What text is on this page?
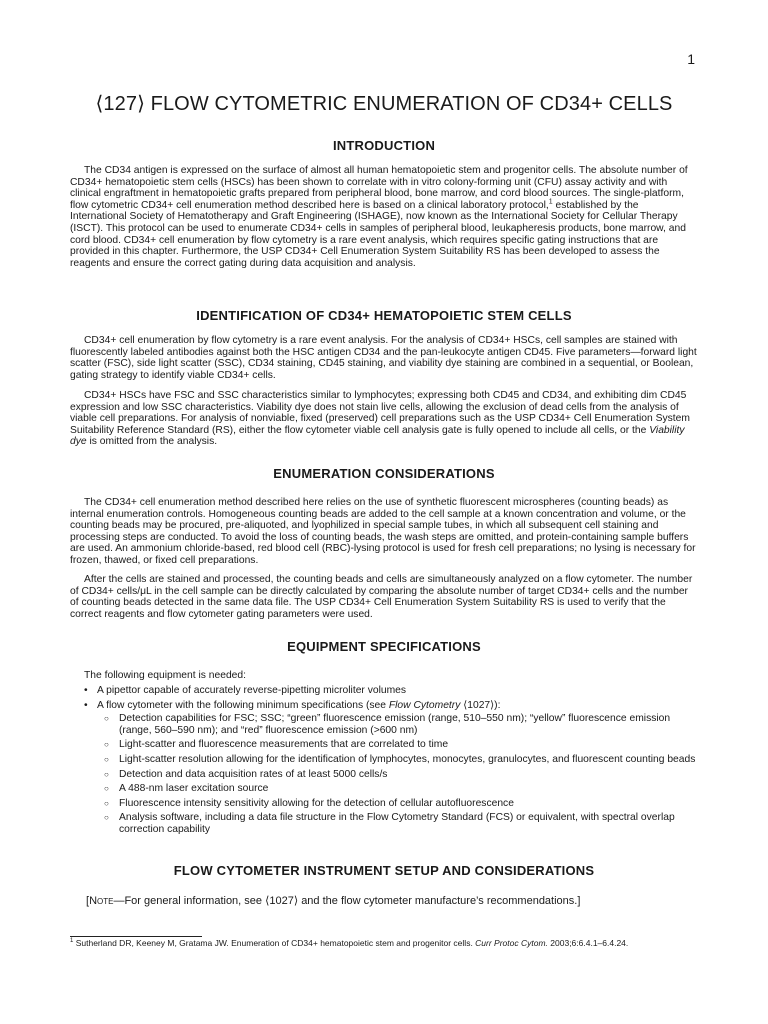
1
⟨127⟩ FLOW CYTOMETRIC ENUMERATION OF CD34+ CELLS
INTRODUCTION

The CD34 antigen is expressed on the surface of almost all human hematopoietic stem and progenitor cells. The absolute number of CD34+ hematopoietic stem cells (HSCs) has been shown to correlate with in vitro colony-forming unit (CFU) assay activity and with clinical engraftment in hematopoietic grafts prepared from peripheral blood, bone marrow, and cord blood sources. The single-platform, flow cytometric CD34+ cell enumeration method described here is based on a clinical laboratory protocol,$^1$ established by the International Society of Hematotherapy and Graft Engineering (ISHAGE), now known as the International Society for Cellular Therapy (ISCT). This protocol can be used to enumerate CD34+ cells in samples of peripheral blood, leukapheresis products, bone marrow, and cord blood. CD34+ cell enumeration by flow cytometry is a rare event analysis, which requires specific gating instructions that are provided in this chapter. Furthermore, the USP CD34+ Cell Enumeration System Suitability RS has been developed to assess the reagents and ensure the correct gating during data acquisition and analysis.

IDENTIFICATION OF CD34+ HEMATOPOIETIC STEM CELLS

CD34+ cell enumeration by flow cytometry is a rare event analysis. For the analysis of CD34+ HSCs, cell samples are stained with fluorescently labeled antibodies against both the HSC antigen CD34 and the pan-leukocyte antigen CD45. Five parameters—forward light scatter (FSC), side light scatter (SSC), CD34 staining, CD45 staining, and viability dye staining are combined in a sequential, or Boolean, gating strategy to identify viable CD34+ cells.

CD34+ HSCs have FSC and SSC characteristics similar to lymphocytes; expressing both CD45 and CD34, and exhibiting dim CD45 expression and low SSC characteristics. Viability dye does not stain live cells, allowing the exclusion of dead cells from the analysis of viable cell preparations. For analysis of nonviable, fixed (preserved) cell preparations such as the USP CD34+ Cell Enumeration System Suitability Reference Standard (RS), either the flow cytometer viable cell analysis gate is fully opened to include all cells, or the Viability dye is omitted from the analysis.

ENUMERATION CONSIDERATIONS

The CD34+ cell enumeration method described here relies on the use of synthetic fluorescent microspheres (counting beads) as internal enumeration controls. Homogeneous counting beads are added to the cell sample at a known concentration and volume, or the counting beads may be procured, pre-aliquoted, and lyophilized in special sample tubes, in which all subsequent cell staining and processing steps are conducted. To avoid the loss of counting beads, the wash steps are omitted, and protein-containing sample buffers are used. An ammonium chloride-based, red blood cell (RBC)-lysing protocol is used for fresh cell preparations; no lysing is necessary for frozen, thawed, or fixed cell preparations.

After the cells are stained and processed, the counting beads and cells are simultaneously analyzed on a flow cytometer. The number of CD34+ cells/μL in the cell sample can be directly calculated by comparing the absolute number of target CD34+ cells and the number of counting beads detected in the same data file. The USP CD34+ Cell Enumeration System Suitability RS is used to verify that the correct reagents and flow cytometer gating parameters were used.

EQUIPMENT SPECIFICATIONS

The following equipment is needed:

• A pipettor capable of accurately reverse-pipetting microliter volumes
• A flow cytometer with the following minimum specifications (see Flow Cytometry ⟨1027⟩):
○ Detection capabilities for FSC; SSC; “green” fluorescence emission (range, 510–550 nm); “yellow” fluorescence emission (range, 560–590 nm); and “red” fluorescence emission (>600 nm)
○ Light-scatter and fluorescence measurements that are correlated to time
○ Light-scatter resolution allowing for the identification of lymphocytes, monocytes, granulocytes, and fluorescent counting beads
○ Detection and data acquisition rates of at least 5000 cells/s
○ A 488-nm laser excitation source
○ Fluorescence intensity sensitivity allowing for the detection of cellular autofluorescence
○ Analysis software, including a data file structure in the Flow Cytometry Standard (FCS) or equivalent, with spectral overlap correction capability
FLOW CYTOMETER INSTRUMENT SETUP AND CONSIDERATIONS

[Note—For general information, see ⟨1027⟩ and the flow cytometer manufacture’s recommendations.]

$^1$ Sutherland DR, Keeney M, Gratama JW. Enumeration of CD34+ hematopoietic stem and progenitor cells. Curr Protoc Cytom. 2003;6:6.4.1–6.4.24.
